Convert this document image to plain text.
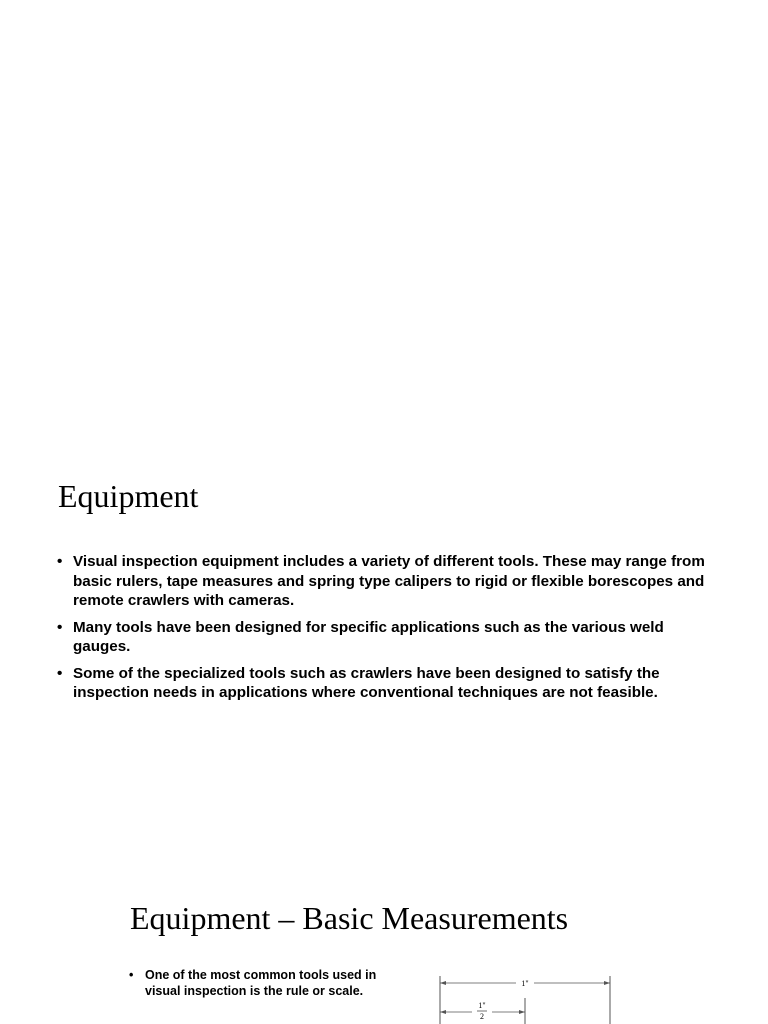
Equipment
• Visual inspection equipment includes a variety of different tools. These may range from basic rulers, tape measures and spring type calipers to rigid or flexible borescopes and remote crawlers with cameras.
• Many tools have been designed for specific applications such as the various weld gauges.
• Some of the specialized tools such as crawlers have been designed to satisfy the inspection needs in applications where conventional techniques are not feasible.
Equipment – Basic Measurements
• One of the most common tools used in visual inspection is the rule or scale.
1"
1"
2
